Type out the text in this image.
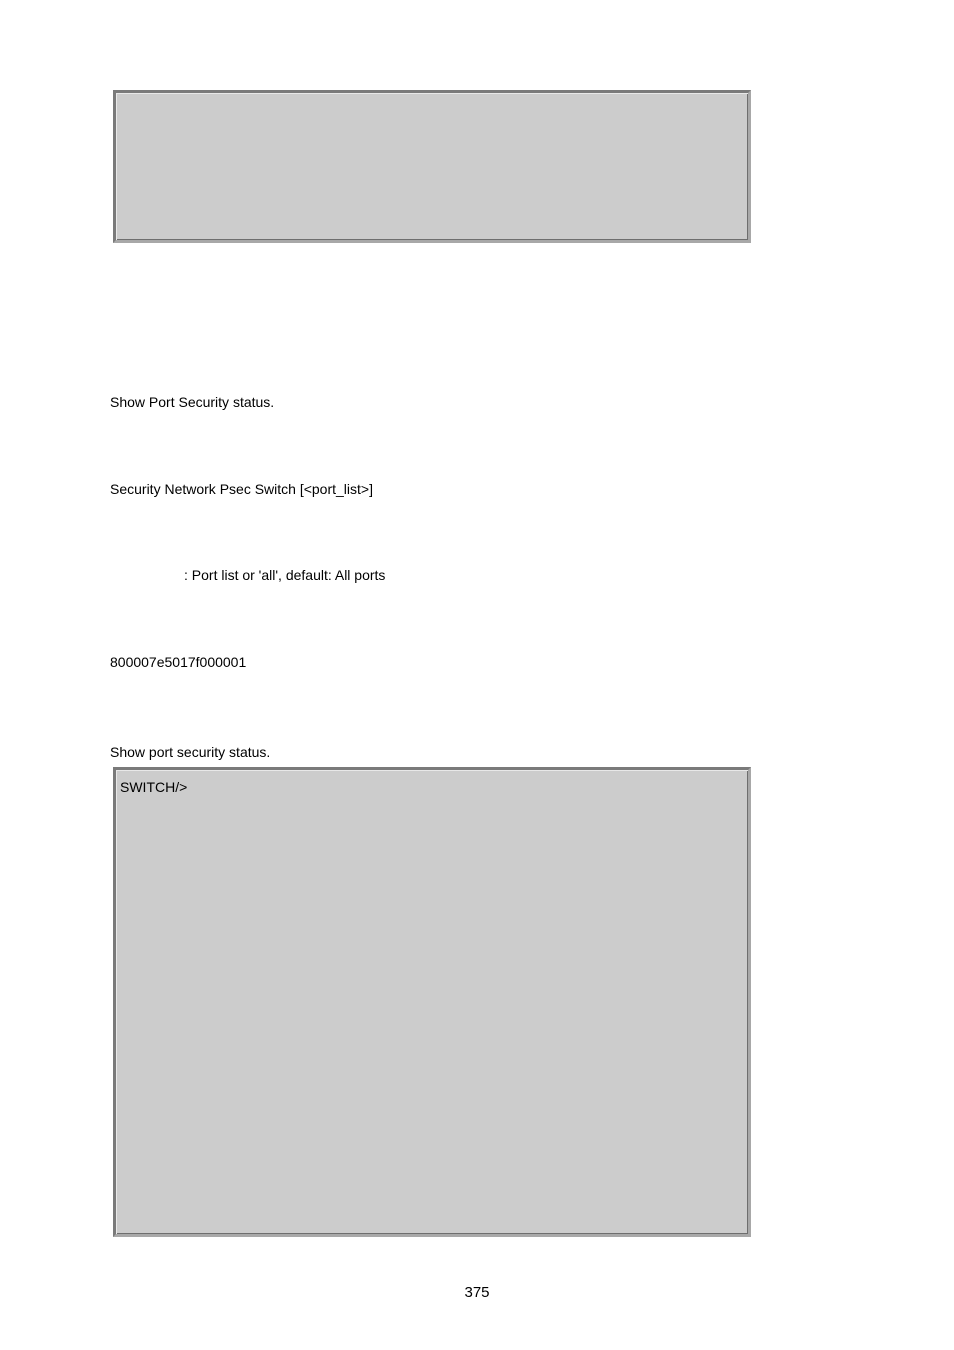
Show Port Security status.
Security Network Psec Switch [<port_list>]
: Port list or 'all', default: All ports
800007e5017f000001
Show port security status.
SWITCH/>
375
